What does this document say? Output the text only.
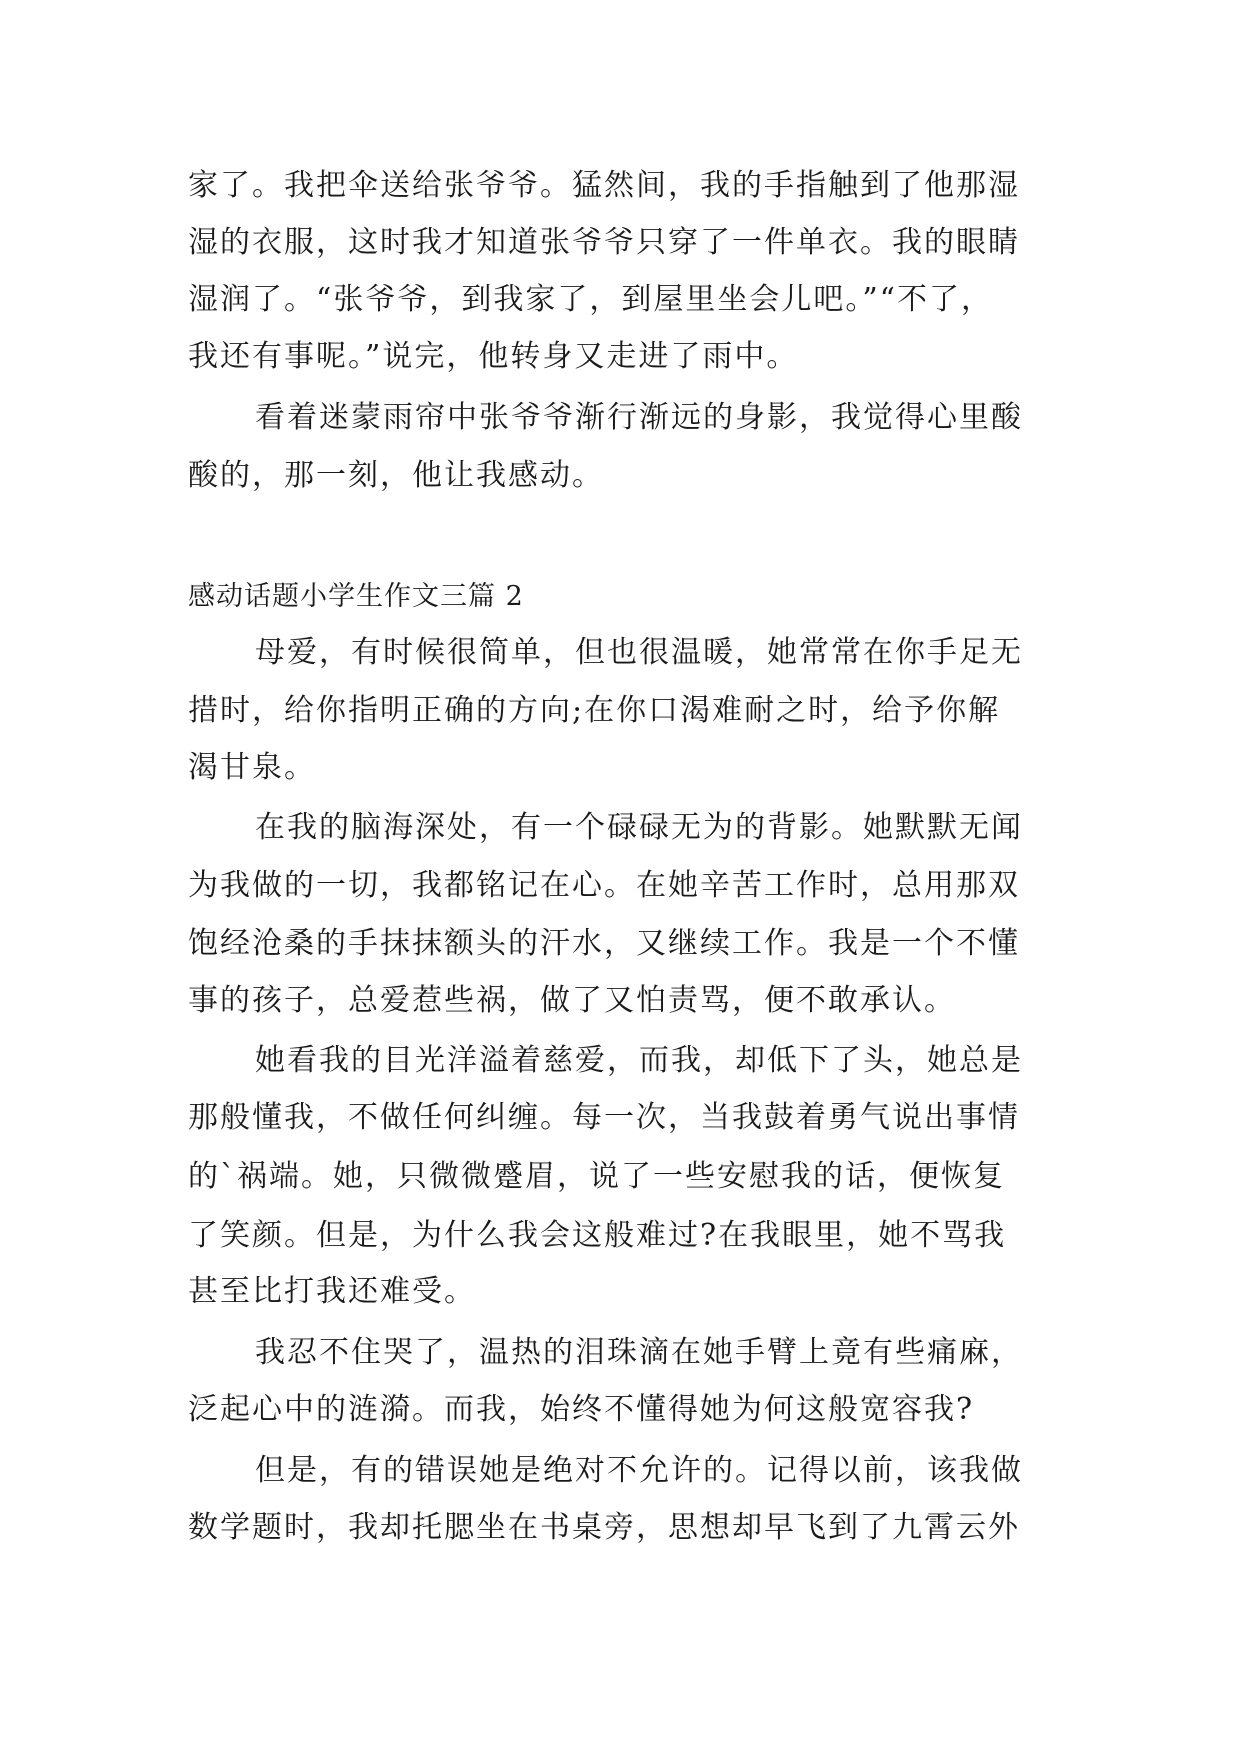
家了。我把伞送给张爷爷。猛然间，我的手指触到了他那湿
湿的衣服，这时我才知道张爷爷只穿了一件单衣。我的眼睛
湿润了。“张爷爷，到我家了，到屋里坐会儿吧。”“不了，
我还有事呢。”说完，他转身又走进了雨中。
看着迷蒙雨帘中张爷爷渐行渐远的身影，我觉得心里酸
酸的，那一刻，他让我感动。
感动话题小学生作文三篇 2
母爱，有时候很简单，但也很温暖，她常常在你手足无
措时，给你指明正确的方向;在你口渴难耐之时，给予你解
渴甘泉。
在我的脑海深处，有一个碌碌无为的背影。她默默无闻
为我做的一切，我都铭记在心。在她辛苦工作时，总用那双
饱经沧桑的手抹抹额头的汗水，又继续工作。我是一个不懂
事的孩子，总爱惹些祸，做了又怕责骂，便不敢承认。
她看我的目光洋溢着慈爱，而我，却低下了头，她总是
那般懂我，不做任何纠缠。每一次，当我鼓着勇气说出事情
的`祸端。她，只微微蹙眉，说了一些安慰我的话，便恢复
了笑颜。但是，为什么我会这般难过?在我眼里，她不骂我
甚至比打我还难受。
我忍不住哭了，温热的泪珠滴在她手臂上竟有些痛麻，
泛起心中的涟漪。而我，始终不懂得她为何这般宽容我?
但是，有的错误她是绝对不允许的。记得以前，该我做
数学题时，我却托腮坐在书桌旁，思想却早飞到了九霄云外
